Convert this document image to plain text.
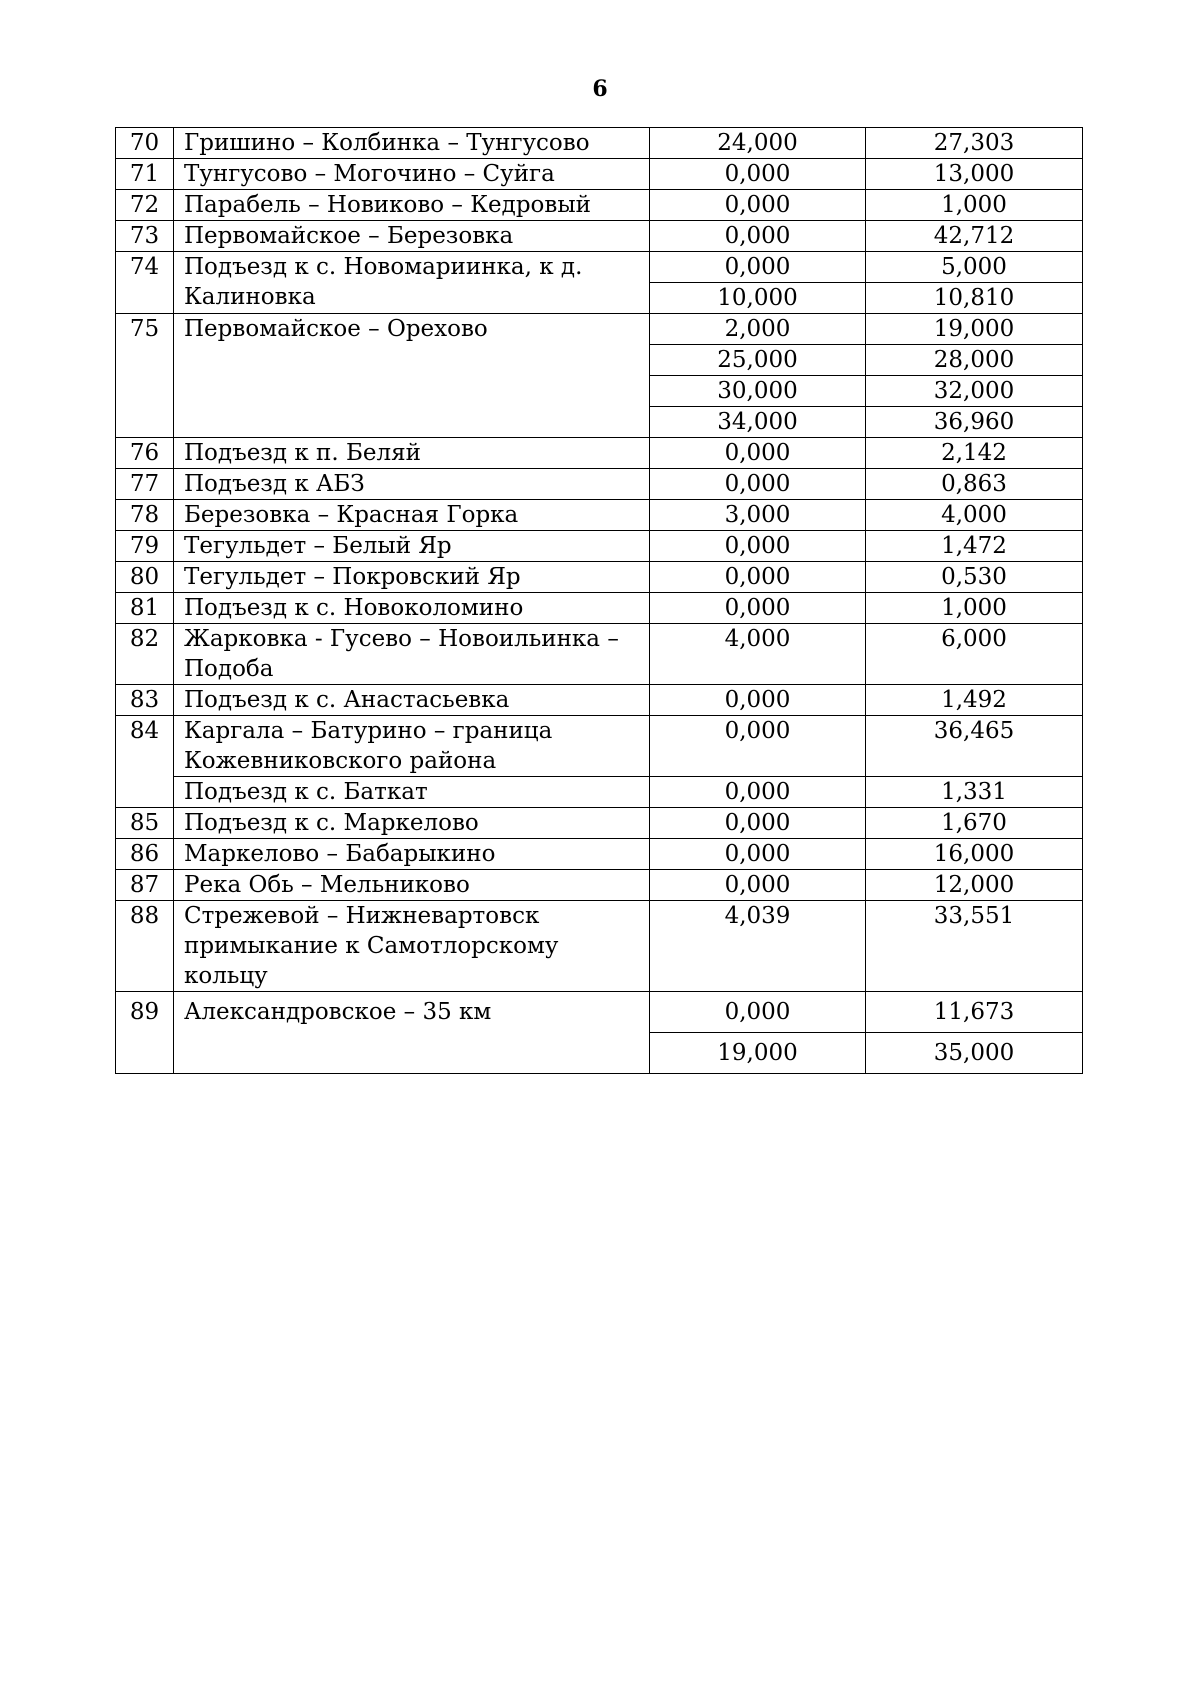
6
70	Гришино – Колбинка – Тунгусово	24,000	27,303
71	Тунгусово – Могочино – Суйга	0,000	13,000
72	Парабель – Новиково – Кедровый	0,000	1,000
73	Первомайское – Березовка	0,000	42,712
74	Подъезд к с. Новомариинка, к д. Калиновка	0,000	5,000
		10,000	10,810
75	Первомайское – Орехово	2,000	19,000
		25,000	28,000
		30,000	32,000
		34,000	36,960
76	Подъезд к п. Беляй	0,000	2,142
77	Подъезд к АБЗ	0,000	0,863
78	Березовка – Красная Горка	3,000	4,000
79	Тегульдет – Белый Яр	0,000	1,472
80	Тегульдет – Покровский Яр	0,000	0,530
81	Подъезд к с. Новоколомино	0,000	1,000
82	Жарковка - Гусево – Новоильинка – Подоба	4,000	6,000
83	Подъезд к с. Анастасьевка	0,000	1,492
84	Каргала – Батурино – граница Кожевниковского района	0,000	36,465
	Подъезд к с. Баткат	0,000	1,331
85	Подъезд к с. Маркелово	0,000	1,670
86	Маркелово – Бабарыкино	0,000	16,000
87	Река Обь – Мельниково	0,000	12,000
88	Стрежевой – Нижневартовск примыкание к Самотлорскому кольцу	4,039	33,551
89	Александровское – 35 км	0,000	11,673
		19,000	35,000
